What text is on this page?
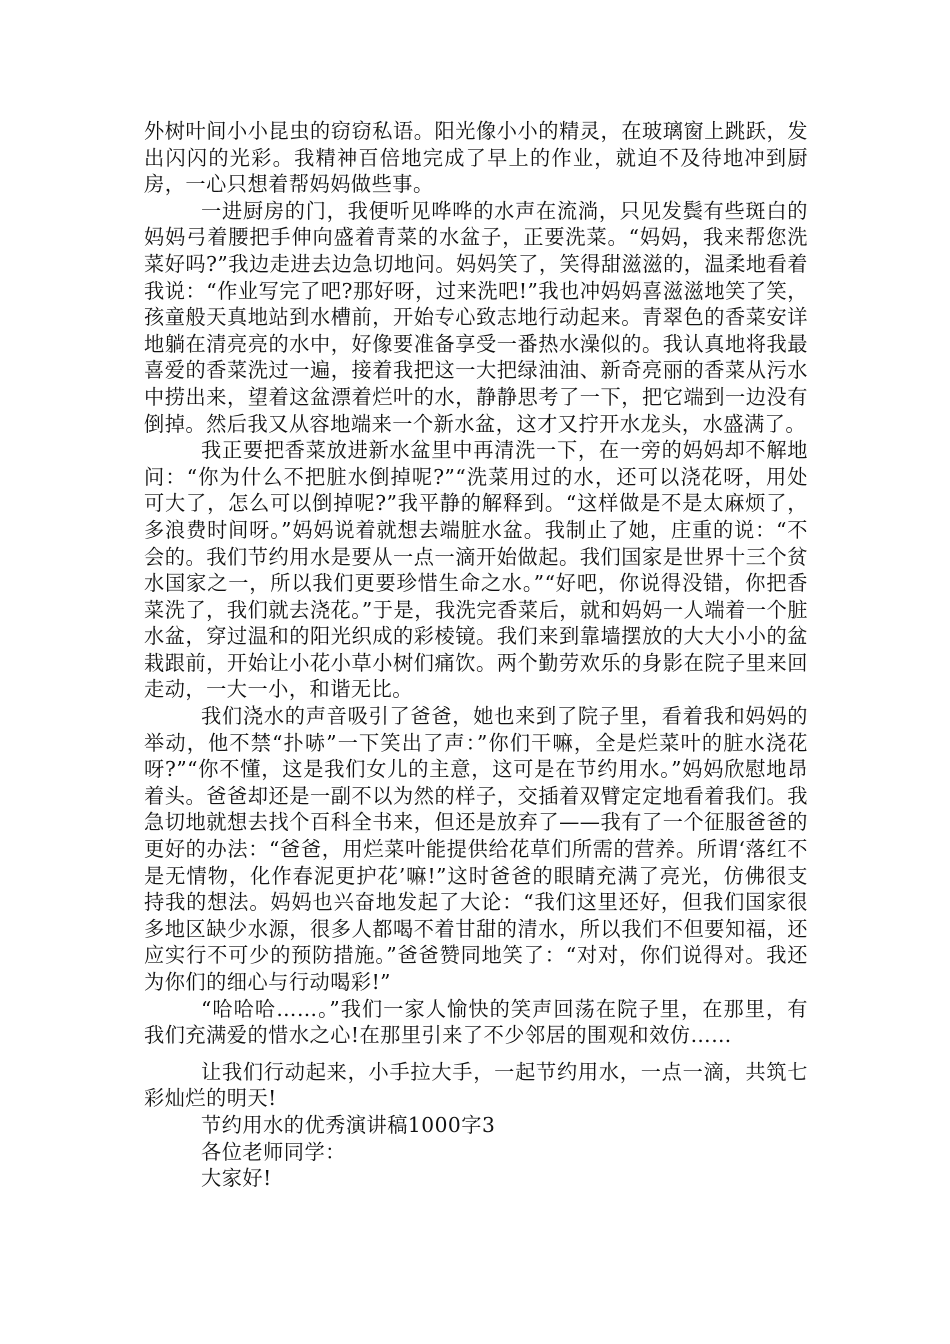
外树叶间小小昆虫的窃窃私语。阳光像小小的精灵，在玻璃窗上跳跃，发出闪闪的光彩。我精神百倍地完成了早上的作业，就迫不及待地冲到厨房，一心只想着帮妈妈做些事。

一进厨房的门，我便听见哗哗的水声在流淌，只见发鬓有些斑白的妈妈弓着腰把手伸向盛着青菜的水盆子，正要洗菜。“妈妈，我来帮您洗菜好吗?”我边走进去边急切地问。妈妈笑了，笑得甜滋滋的，温柔地看着我说：“作业写完了吧?那好呀，过来洗吧!”我也冲妈妈喜滋滋地笑了笑，孩童般天真地站到水槽前，开始专心致志地行动起来。青翠色的香菜安详地躺在清亮亮的水中，好像要准备享受一番热水澡似的。我认真地将我最喜爱的香菜洗过一遍，接着我把这一大把绿油油、新奇亮丽的香菜从污水中捞出来，望着这盆漂着烂叶的水，静静思考了一下，把它端到一边没有倒掉。然后我又从容地端来一个新水盆，这才又拧开水龙头，水盛满了。

我正要把香菜放进新水盆里中再清洗一下，在一旁的妈妈却不解地问：“你为什么不把脏水倒掉呢?”“洗菜用过的水，还可以浇花呀，用处可大了，怎么可以倒掉呢?”我平静的解释到。“这样做是不是太麻烦了，多浪费时间呀。”妈妈说着就想去端脏水盆。我制止了她，庄重的说：“不会的。我们节约用水是要从一点一滴开始做起。我们国家是世界十三个贫水国家之一，所以我们更要珍惜生命之水。”“好吧，你说得没错，你把香菜洗了，我们就去浇花。”于是，我洗完香菜后，就和妈妈一人端着一个脏水盆，穿过温和的阳光织成的彩棱镜。我们来到靠墙摆放的大大小小的盆栽跟前，开始让小花小草小树们痛饮。两个勤劳欢乐的身影在院子里来回走动，一大一小，和谐无比。

我们浇水的声音吸引了爸爸，她也来到了院子里，看着我和妈妈的举动，他不禁“扑哧”一下笑出了声：”你们干嘛，全是烂菜叶的脏水浇花呀?”“你不懂，这是我们女儿的主意，这可是在节约用水。”妈妈欣慰地昂着头。爸爸却还是一副不以为然的样子，交插着双臂定定地看着我们。我急切地就想去找个百科全书来，但还是放弃了——我有了一个征服爸爸的更好的办法：“爸爸，用烂菜叶能提供给花草们所需的营养。所谓‘落红不是无情物，化作春泥更护花’嘛!”这时爸爸的眼睛充满了亮光，仿佛很支持我的想法。妈妈也兴奋地发起了大论：“我们这里还好，但我们国家很多地区缺少水源，很多人都喝不着甘甜的清水，所以我们不但要知福，还应实行不可少的预防措施。”爸爸赞同地笑了：“对对，你们说得对。我还为你们的细心与行动喝彩!”

“哈哈哈……。”我们一家人愉快的笑声回荡在院子里，在那里，有我们充满爱的惜水之心!在那里引来了不少邻居的围观和效仿……

让我们行动起来，小手拉大手，一起节约用水，一点一滴，共筑七彩灿烂的明天!

节约用水的优秀演讲稿1000字3

各位老师同学：

大家好!
